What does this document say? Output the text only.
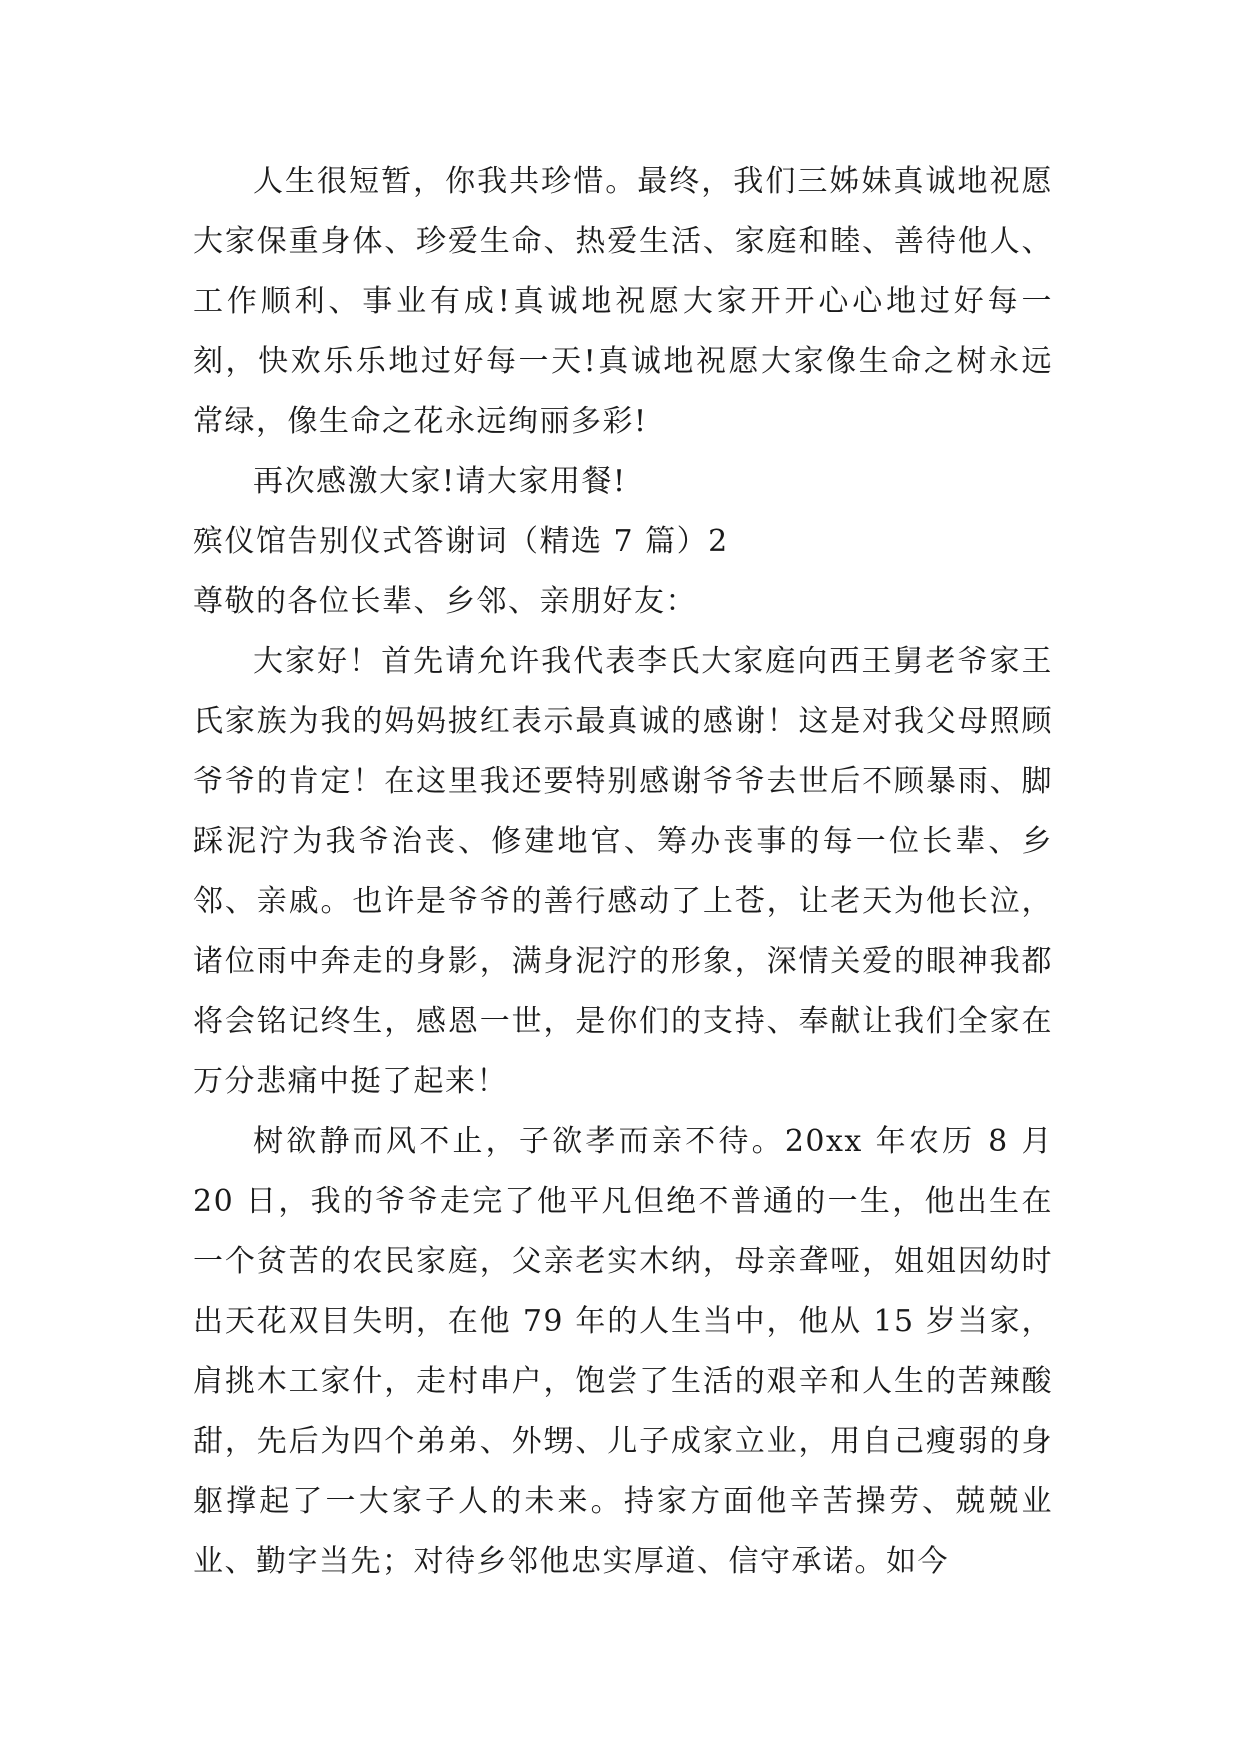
人生很短暂，你我共珍惜。最终，我们三姊妹真诚地祝愿大家保重身体、珍爱生命、热爱生活、家庭和睦、善待他人、工作顺利、事业有成!真诚地祝愿大家开开心心地过好每一刻，快欢乐乐地过好每一天!真诚地祝愿大家像生命之树永远常绿，像生命之花永远绚丽多彩!

再次感激大家!请大家用餐!

殡仪馆告别仪式答谢词（精选 7 篇）2

尊敬的各位长辈、乡邻、亲朋好友：

大家好！首先请允许我代表李氏大家庭向西王舅老爷家王氏家族为我的妈妈披红表示最真诚的感谢！这是对我父母照顾爷爷的肯定！在这里我还要特别感谢爷爷去世后不顾暴雨、脚踩泥泞为我爷治丧、修建地官、筹办丧事的每一位长辈、乡邻、亲戚。也许是爷爷的善行感动了上苍，让老天为他长泣，诸位雨中奔走的身影，满身泥泞的形象，深情关爱的眼神我都将会铭记终生，感恩一世，是你们的支持、奉献让我们全家在万分悲痛中挺了起来！

树欲静而风不止，子欲孝而亲不待。20xx 年农历 8 月 20 日，我的爷爷走完了他平凡但绝不普通的一生，他出生在一个贫苦的农民家庭，父亲老实木纳，母亲聋哑，姐姐因幼时出天花双目失明，在他 79 年的人生当中，他从 15 岁当家，肩挑木工家什，走村串户，饱尝了生活的艰辛和人生的苦辣酸甜，先后为四个弟弟、外甥、儿子成家立业，用自己瘦弱的身躯撑起了一大家子人的未来。持家方面他辛苦操劳、兢兢业业、勤字当先；对待乡邻他忠实厚道、信守承诺。如今
